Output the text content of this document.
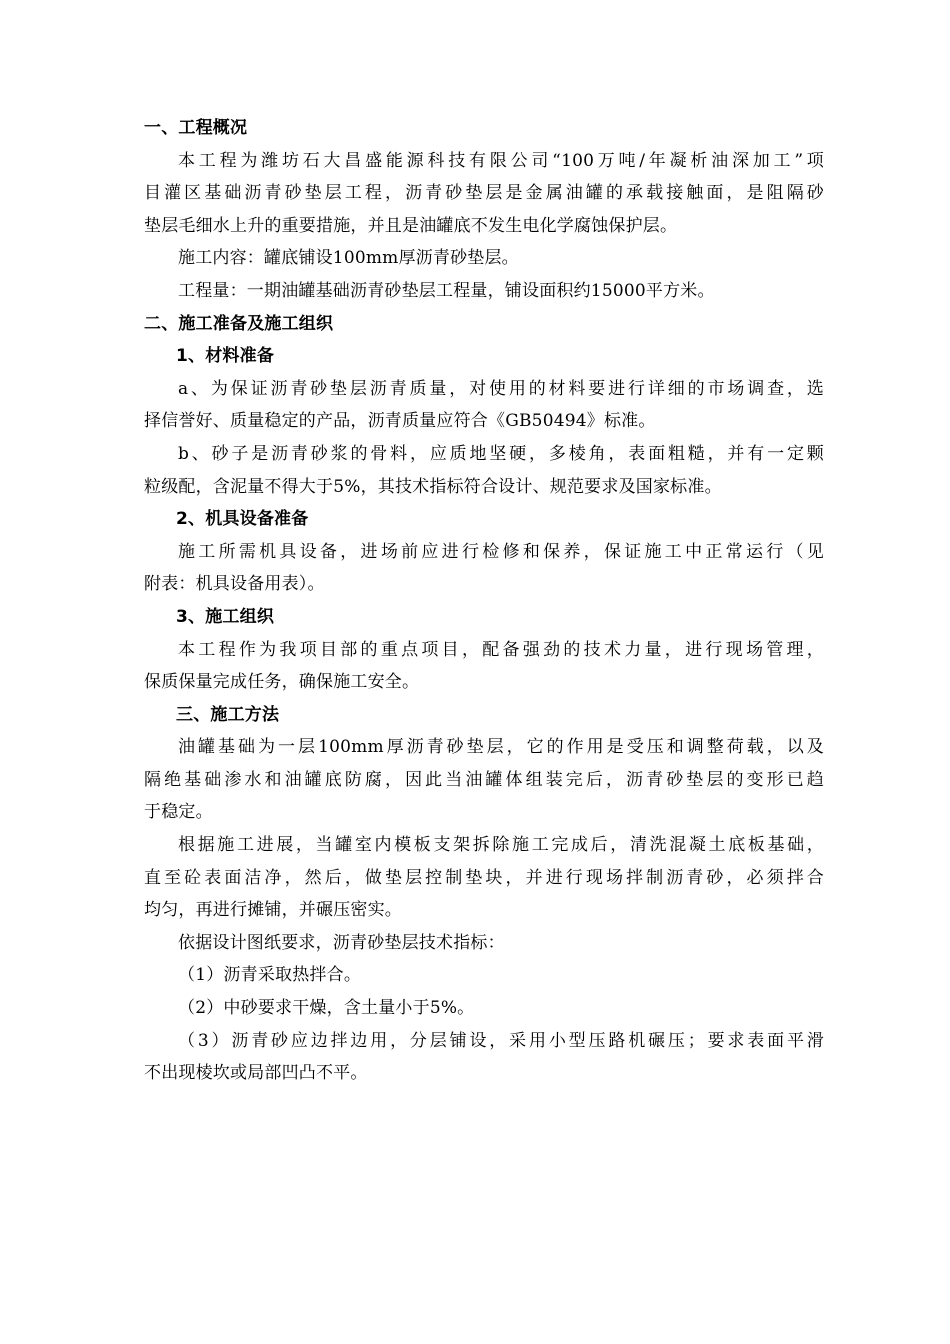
一、工程概况
本工程为潍坊石大昌盛能源科技有限公司“100万吨/年凝析油深加工”项
目灌区基础沥青砂垫层工程，沥青砂垫层是金属油罐的承载接触面，是阻隔砂
垫层毛细水上升的重要措施，并且是油罐底不发生电化学腐蚀保护层。
施工内容：罐底铺设100mm厚沥青砂垫层。
工程量：一期油罐基础沥青砂垫层工程量，铺设面积约15000平方米。
二、施工准备及施工组织
1、材料准备
a、为保证沥青砂垫层沥青质量，对使用的材料要进行详细的市场调查，选
择信誉好、质量稳定的产品，沥青质量应符合《GB50494》标准。
b、砂子是沥青砂浆的骨料，应质地坚硬，多棱角，表面粗糙，并有一定颗
粒级配，含泥量不得大于5%，其技术指标符合设计、规范要求及国家标准。
2、机具设备准备
施工所需机具设备，进场前应进行检修和保养，保证施工中正常运行（见
附表：机具设备用表）。
3、施工组织
本工程作为我项目部的重点项目，配备强劲的技术力量，进行现场管理，
保质保量完成任务，确保施工安全。
三、施工方法
油罐基础为一层100mm厚沥青砂垫层，它的作用是受压和调整荷载，以及
隔绝基础渗水和油罐底防腐，因此当油罐体组装完后，沥青砂垫层的变形已趋
于稳定。
根据施工进展，当罐室内模板支架拆除施工完成后，清洗混凝土底板基础，
直至砼表面洁净，然后，做垫层控制垫块，并进行现场拌制沥青砂，必须拌合
均匀，再进行摊铺，并碾压密实。
依据设计图纸要求，沥青砂垫层技术指标：
（1）沥青采取热拌合。
（2）中砂要求干燥，含土量小于5%。
（3）沥青砂应边拌边用，分层铺设，采用小型压路机碾压；要求表面平滑
不出现棱坎或局部凹凸不平。
